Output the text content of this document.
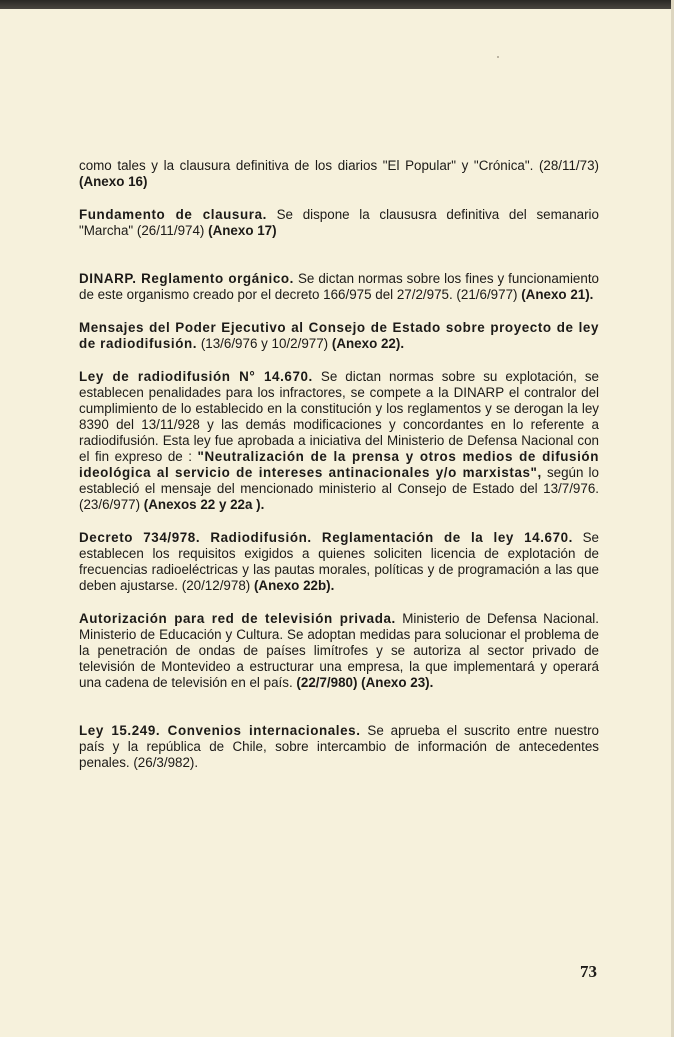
como tales y la clausura definitiva de los diarios "El Popular" y "Crónica". (28/11/73) (Anexo 16)

Fundamento de clausura. Se dispone la claususra definitiva del semanario "Marcha" (26/11/974) (Anexo 17)

DINARP. Reglamento orgánico. Se dictan normas sobre los fines y funcionamiento de este organismo creado por el decreto 166/975 del 27/2/975. (21/6/977) (Anexo 21).

Mensajes del Poder Ejecutivo al Consejo de Estado sobre proyecto de ley de radiodifusión. (13/6/976 y 10/2/977) (Anexo 22).

Ley de radiodifusión N° 14.670. Se dictan normas sobre su explotación, se establecen penalidades para los infractores, se compete a la DINARP el contralor del cumplimiento de lo establecido en la constitución y los reglamentos y se derogan la ley 8390 del 13/11/928 y las demás modificaciones y concordantes en lo referente a radiodifusión. Esta ley fue aprobada a iniciativa del Ministerio de Defensa Nacional con el fin expreso de : "Neutralización de la prensa y otros medios de difusión ideológica al servicio de intereses antinacionales y/o marxistas", según lo estableció el mensaje del mencionado ministerio al Consejo de Estado del 13/7/976. (23/6/977) (Anexos 22 y 22a ).

Decreto 734/978. Radiodifusión. Reglamentación de la ley 14.670. Se establecen los requisitos exigidos a quienes soliciten licencia de explotación de frecuencias radioeléctricas y las pautas morales, políticas y de programación a las que deben ajustarse. (20/12/978) (Anexo 22b).

Autorización para red de televisión privada. Ministerio de Defensa Nacional. Ministerio de Educación y Cultura. Se adoptan medidas para solucionar el problema de la penetración de ondas de países limítrofes y se autoriza al sector privado de televisión de Montevideo a estructurar una empresa, la que implementará y operará una cadena de televisión en el país. (22/7/980) (Anexo 23).

Ley 15.249. Convenios internacionales. Se aprueba el suscrito entre nuestro país y la república de Chile, sobre intercambio de información de antecedentes penales. (26/3/982).

73
